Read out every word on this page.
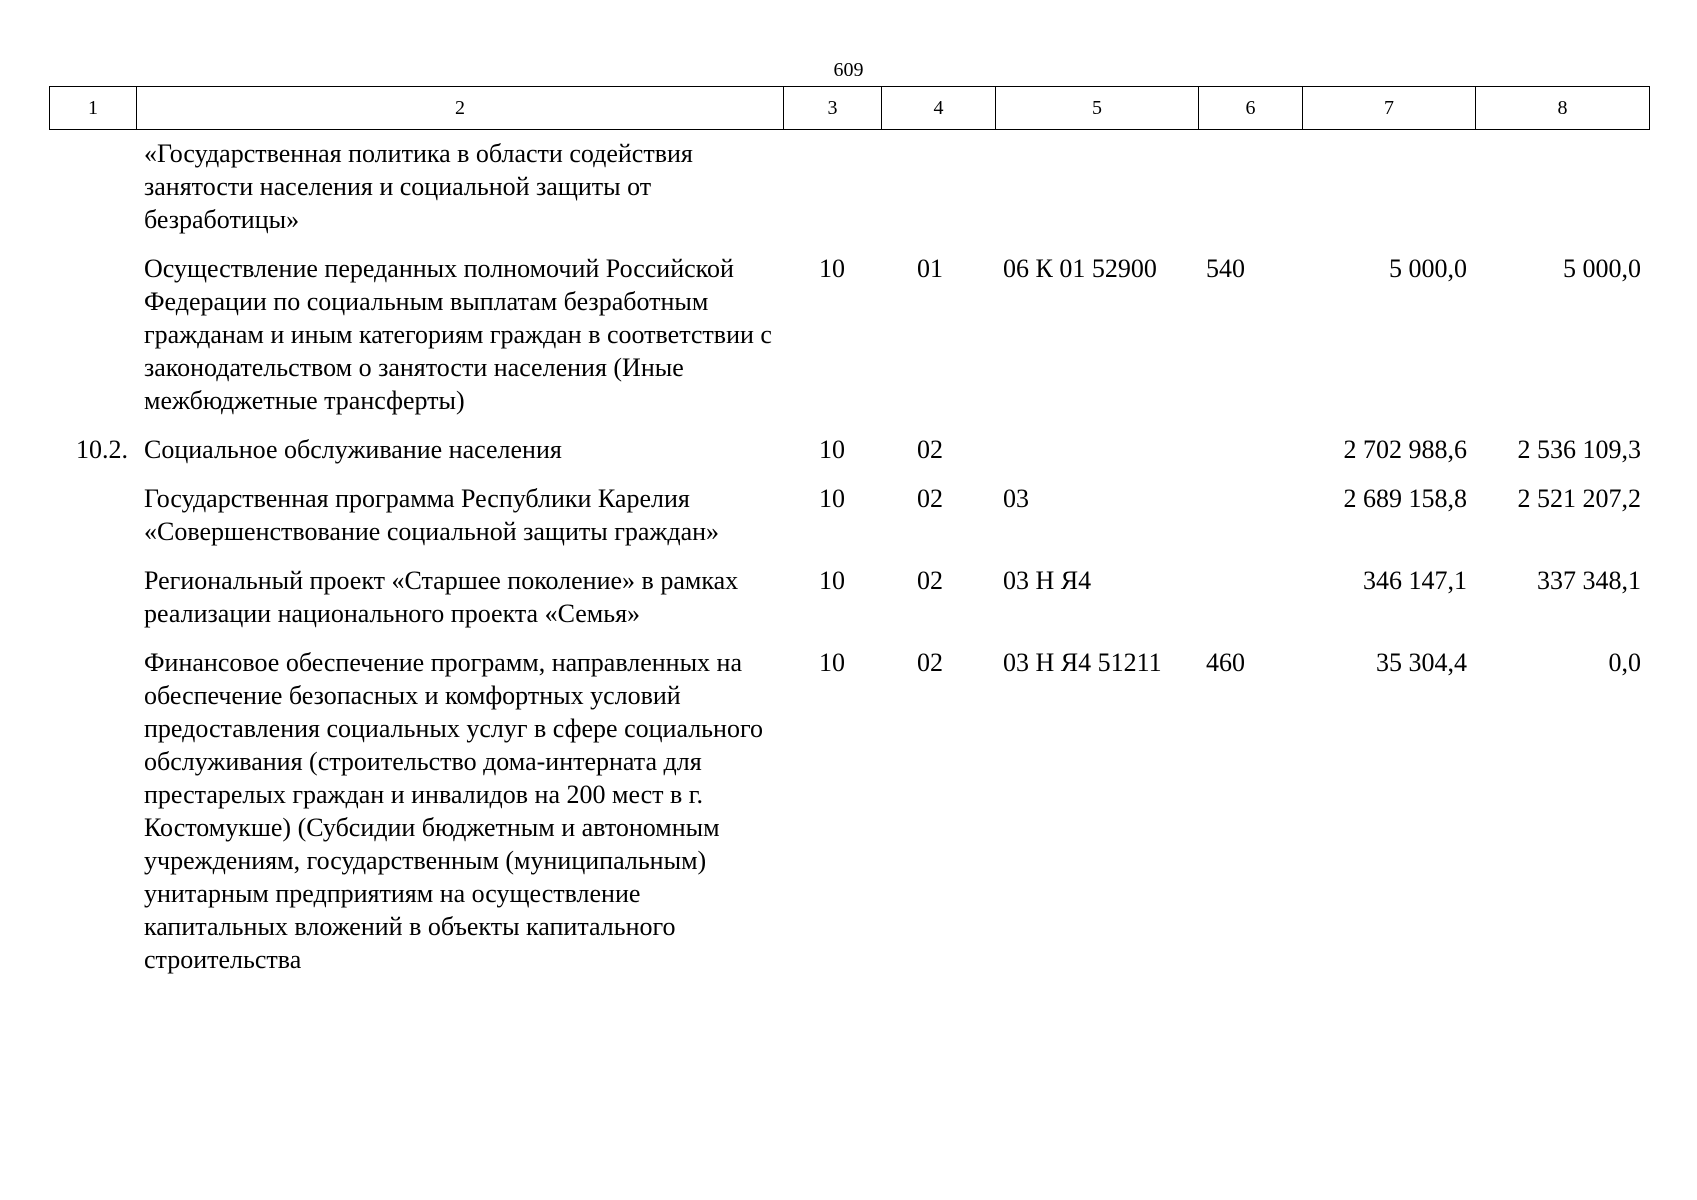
609
1	2	3	4	5	6	7	8
	«Государственная политика в области содействия занятости населения и социальной защиты от безработицы»						
	Осуществление переданных полномочий Российской Федерации по социальным выплатам безработным гражданам и иным категориям граждан в соответствии с законодательством о занятости населения (Иные межбюджетные трансферты)	10	01	06 К 01 52900	540	5 000,0	5 000,0
10.2.	Социальное обслуживание населения	10	02			2 702 988,6	2 536 109,3
	Государственная программа Республики Карелия «Совершенствование социальной защиты граждан»	10	02	03		2 689 158,8	2 521 207,2
	Региональный проект «Старшее поколение» в рамках реализации национального проекта «Семья»	10	02	03 Н Я4		346 147,1	337 348,1
	Финансовое обеспечение программ, направленных на обеспечение безопасных и комфортных условий предоставления социальных услуг в сфере социального обслуживания (строительство дома-интерната для престарелых граждан и инвалидов на 200 мест в г. Костомукше) (Субсидии бюджетным и автономным учреждениям, государственным (муниципальным) унитарным предприятиям на осуществление капитальных вложений в объекты капитального строительства	10	02	03 Н Я4 51211	460	35 304,4	0,0
